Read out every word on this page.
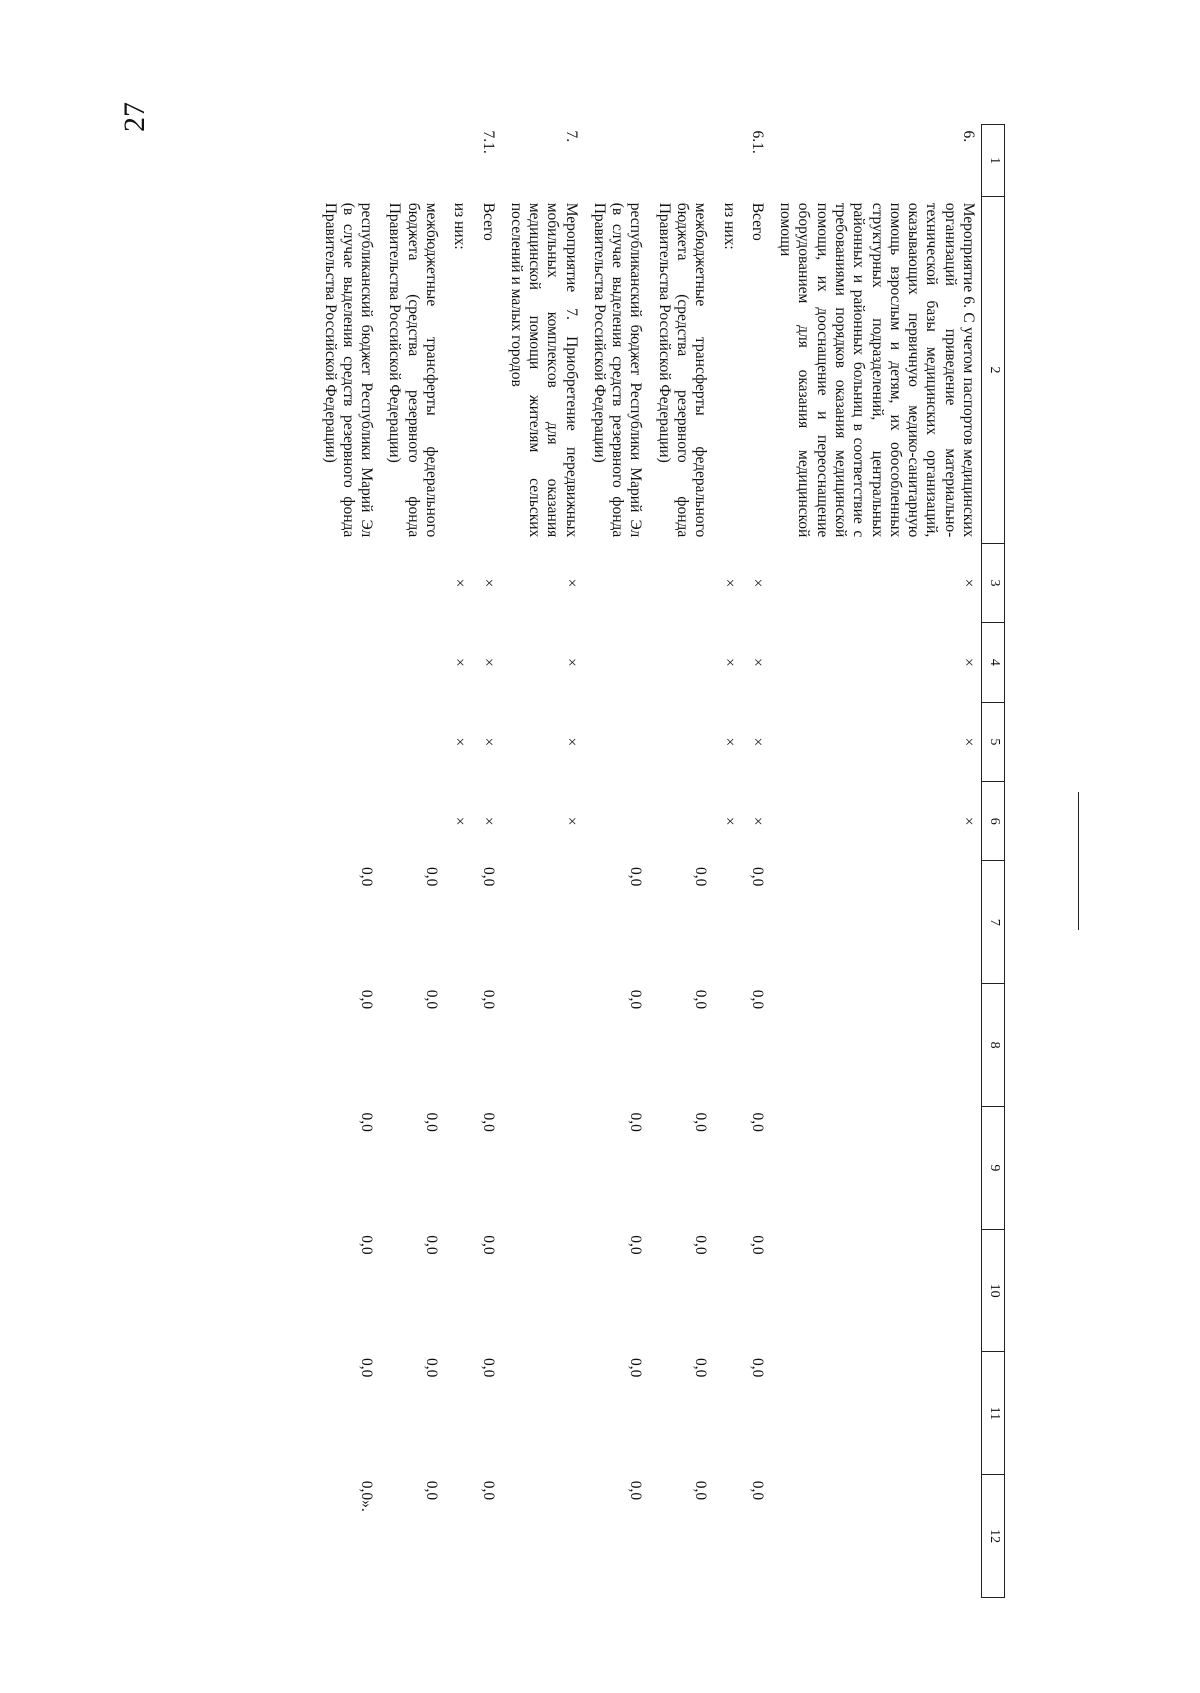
27
1	2	3	4	5	6	7	8	9	10	11	12
6.	Мероприятие 6. С учетом паспортов медицинских организаций приведение материально-технической базы медицинских организаций, оказывающих первичную медико-санитарную помощь взрослым и детям, их обособленных структурных подразделений, центральных районных и районных больниц в соответствие с требованиями порядков оказания медицинской помощи, их дооснащение и переоснащение оборудованием для оказания медицинской помощи	×	×	×	×						
6.1.	Всего	×	×	×	×	0,0	0,0	0,0	0,0	0,0	0,0
	из них:	×	×	×	×						
	межбюджетные трансферты федерального бюджета (средства резервного фонда Правительства Российской Федерации)					0,0	0,0	0,0	0,0	0,0	0,0
	республиканский бюджет Республики Марий Эл (в случае выделения средств резервного фонда Правительства Российской Федерации)					0,0	0,0	0,0	0,0	0,0	0,0
7.	Мероприятие 7. Приобретение передвижных мобильных комплексов для оказания медицинской помощи жителям сельских поселений и малых городов	×	×	×	×						
7.1.	Всего	×	×	×	×	0,0	0,0	0,0	0,0	0,0	0,0
	из них:	×	×	×	×						
	межбюджетные трансферты федерального бюджета (средства резервного фонда Правительства Российской Федерации)					0,0	0,0	0,0	0,0	0,0	0,0
	республиканский бюджет Республики Марий Эл (в случае выделения средств резервного фонда Правительства Российской Федерации)					0,0	0,0	0,0	0,0	0,0	0,0».
